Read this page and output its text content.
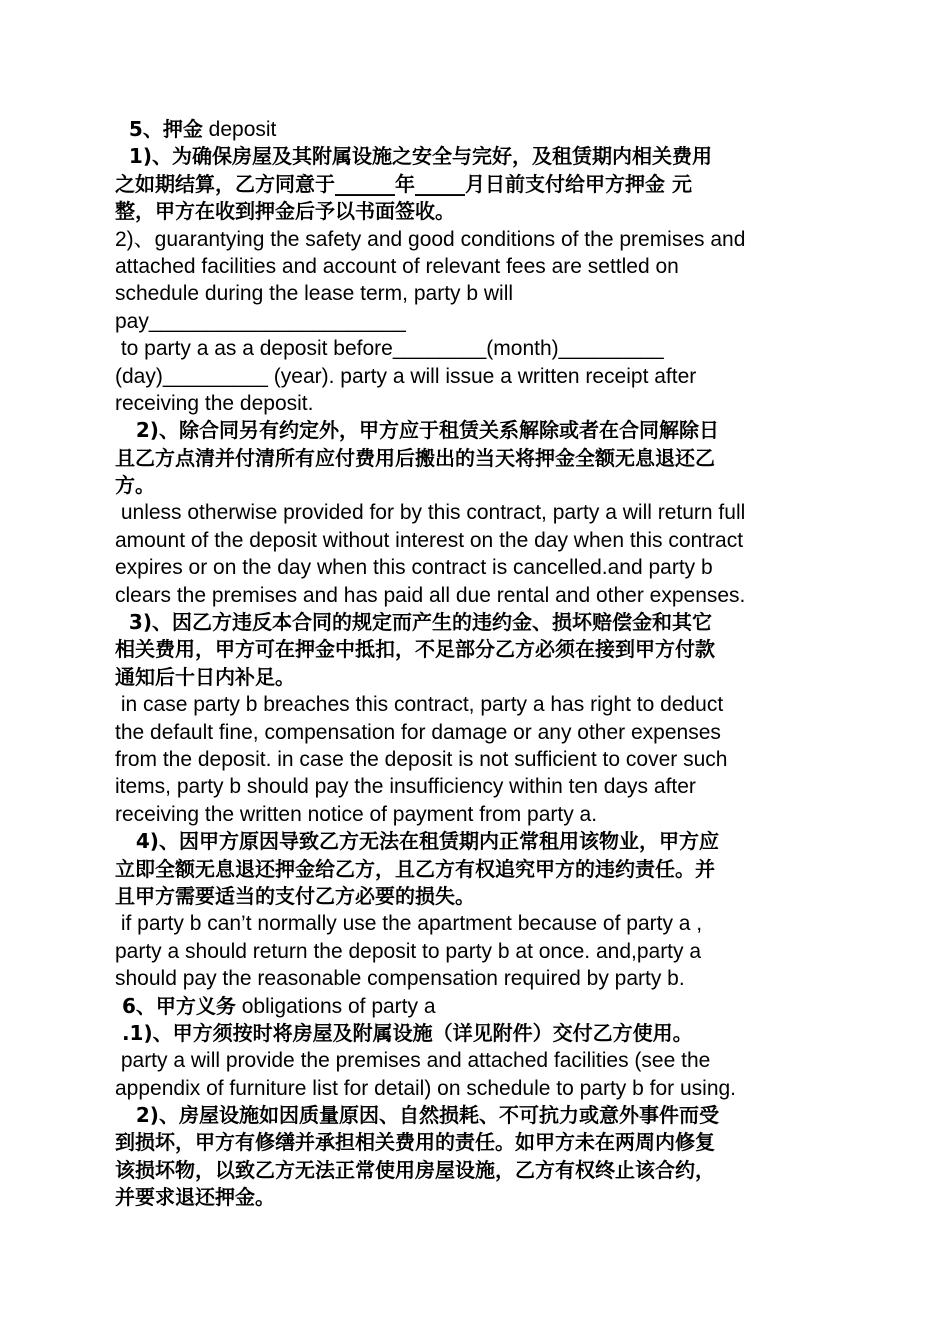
5、押金 deposit
1)、为确保房屋及其附属设施之安全与完好，及租赁期内相关费用
之如期结算，乙方同意于______年_____月日前支付给甲方押金 元
整，甲方在收到押金后予以书面签收。
2)、guarantying the safety and good conditions of the premises and
attached facilities and account of relevant fees are settled on
schedule during the lease term, party b will
pay______________________
to party a as a deposit before________(month)_________
(day)_________ (year). party a will issue a written receipt after
receiving the deposit.
2)、除合同另有约定外，甲方应于租赁关系解除或者在合同解除日
且乙方点清并付清所有应付费用后搬出的当天将押金全额无息退还乙
方。
unless otherwise provided for by this contract, party a will return full
amount of the deposit without interest on the day when this contract
expires or on the day when this contract is cancelled.and party b
clears the premises and has paid all due rental and other expenses.
3)、因乙方违反本合同的规定而产生的违约金、损坏赔偿金和其它
相关费用，甲方可在押金中抵扣，不足部分乙方必须在接到甲方付款
通知后十日内补足。
in case party b breaches this contract, party a has right to deduct
the default fine, compensation for damage or any other expenses
from the deposit. in case the deposit is not sufficient to cover such
items, party b should pay the insufficiency within ten days after
receiving the written notice of payment from party a.
4)、因甲方原因导致乙方无法在租赁期内正常租用该物业，甲方应
立即全额无息退还押金给乙方，且乙方有权追究甲方的违约责任。并
且甲方需要适当的支付乙方必要的损失。
if party b can’t normally use the apartment because of party a ,
party a should return the deposit to party b at once. and,party a
should pay the reasonable compensation required by party b.
6、甲方义务 obligations of party a
.1)、甲方须按时将房屋及附属设施（详见附件）交付乙方使用。
party a will provide the premises and attached facilities (see the
appendix of furniture list for detail) on schedule to party b for using.
2)、房屋设施如因质量原因、自然损耗、不可抗力或意外事件而受
到损坏，甲方有修缮并承担相关费用的责任。如甲方未在两周内修复
该损坏物，以致乙方无法正常使用房屋设施，乙方有权终止该合约，
并要求退还押金。
